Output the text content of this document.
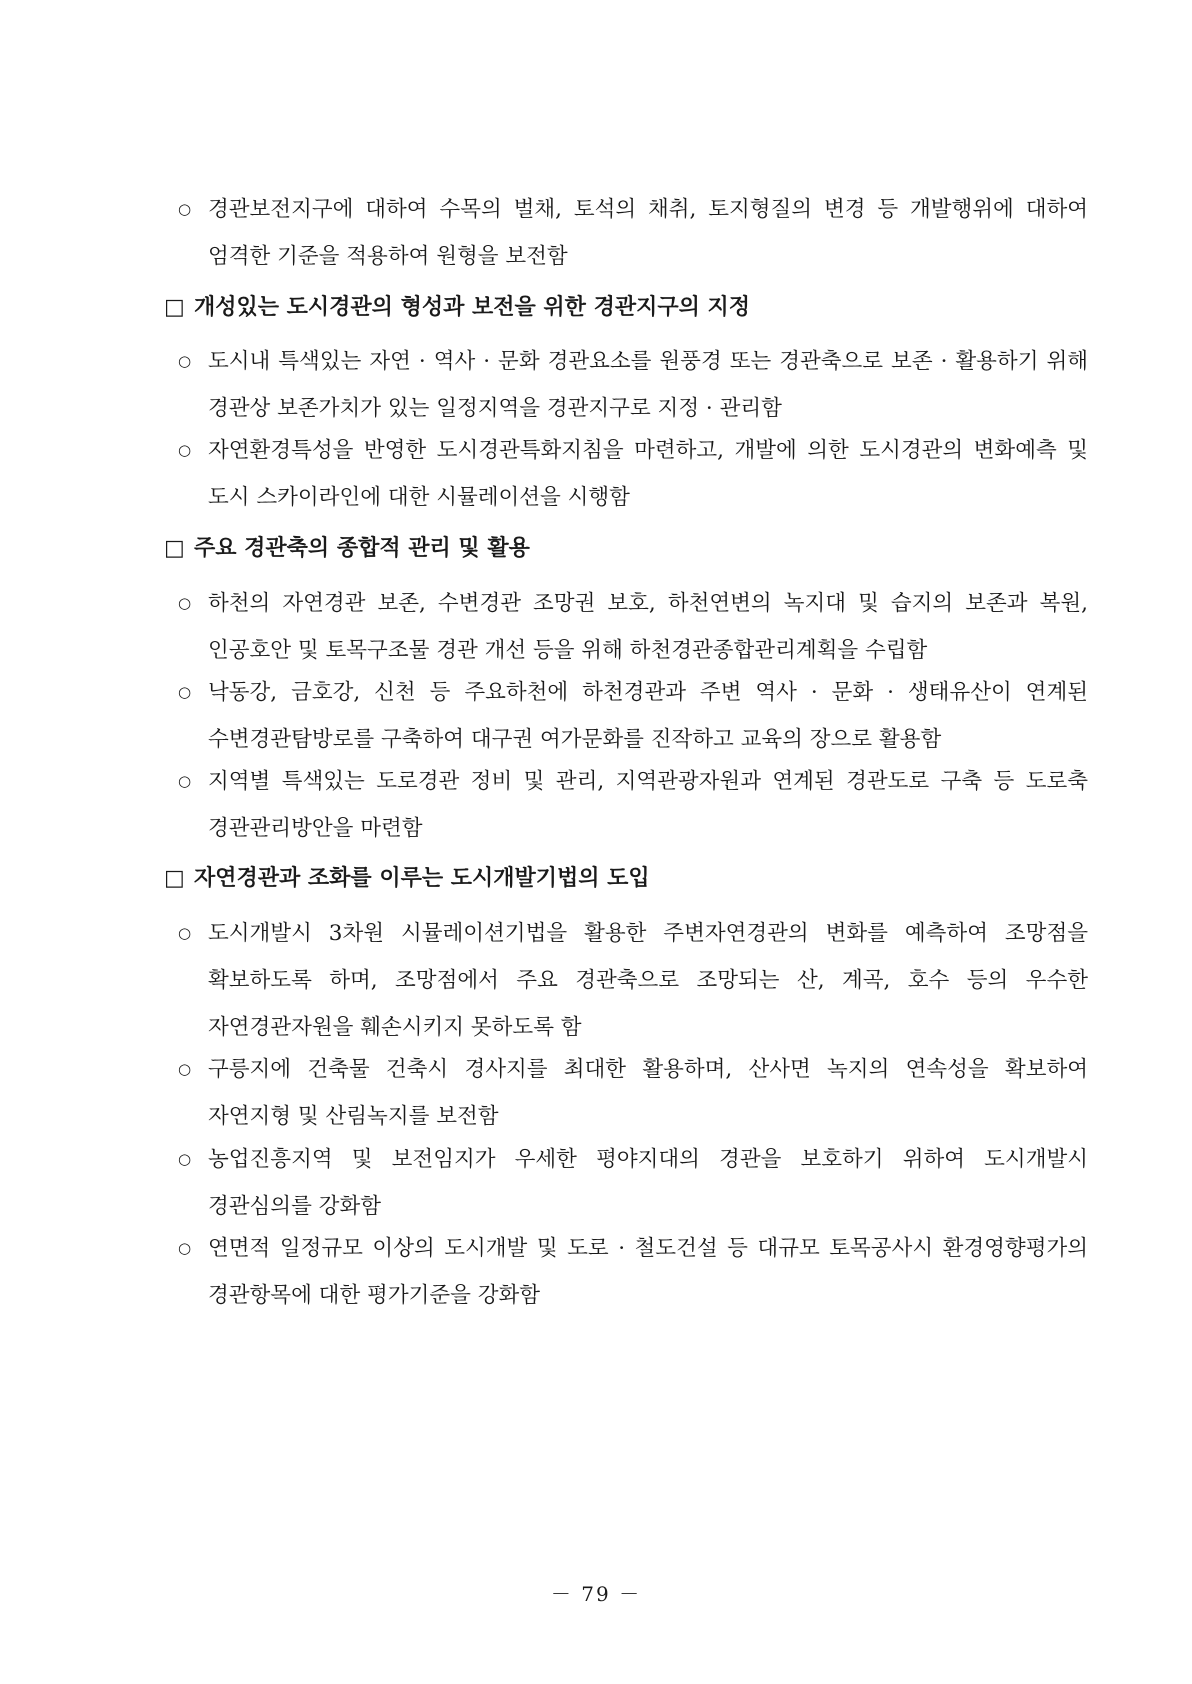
○ 경관보전지구에 대하여 수목의 벌채, 토석의 채취, 토지형질의 변경 등 개발행위에 대하여 엄격한 기준을 적용하여 원형을 보전함
□ 개성있는 도시경관의 형성과 보전을 위한 경관지구의 지정
○ 도시내 특색있는 자연 · 역사 · 문화 경관요소를 원풍경 또는 경관축으로 보존 · 활용하기 위해 경관상 보존가치가 있는 일정지역을 경관지구로 지정 · 관리함
○ 자연환경특성을 반영한 도시경관특화지침을 마련하고, 개발에 의한 도시경관의 변화예측 및 도시 스카이라인에 대한 시뮬레이션을 시행함
□ 주요 경관축의 종합적 관리 및 활용
○ 하천의 자연경관 보존, 수변경관 조망권 보호, 하천연변의 녹지대 및 습지의 보존과 복원, 인공호안 및 토목구조물 경관 개선 등을 위해 하천경관종합관리계획을 수립함
○ 낙동강, 금호강, 신천 등 주요하천에 하천경관과 주변 역사 · 문화 · 생태유산이 연계된 수변경관탐방로를 구축하여 대구권 여가문화를 진작하고 교육의 장으로 활용함
○ 지역별 특색있는 도로경관 정비 및 관리, 지역관광자원과 연계된 경관도로 구축 등 도로축 경관관리방안을 마련함
□ 자연경관과 조화를 이루는 도시개발기법의 도입
○ 도시개발시 3차원 시뮬레이션기법을 활용한 주변자연경관의 변화를 예측하여 조망점을 확보하도록 하며, 조망점에서 주요 경관축으로 조망되는 산, 계곡, 호수 등의 우수한 자연경관자원을 훼손시키지 못하도록 함
○ 구릉지에 건축물 건축시 경사지를 최대한 활용하며, 산사면 녹지의 연속성을 확보하여 자연지형 및 산림녹지를 보전함
○ 농업진흥지역 및 보전임지가 우세한 평야지대의 경관을 보호하기 위하여 도시개발시 경관심의를 강화함
○ 연면적 일정규모 이상의 도시개발 및 도로 · 철도건설 등 대규모 토목공사시 환경영향평가의 경관항목에 대한 평가기준을 강화함
－ 79 －
